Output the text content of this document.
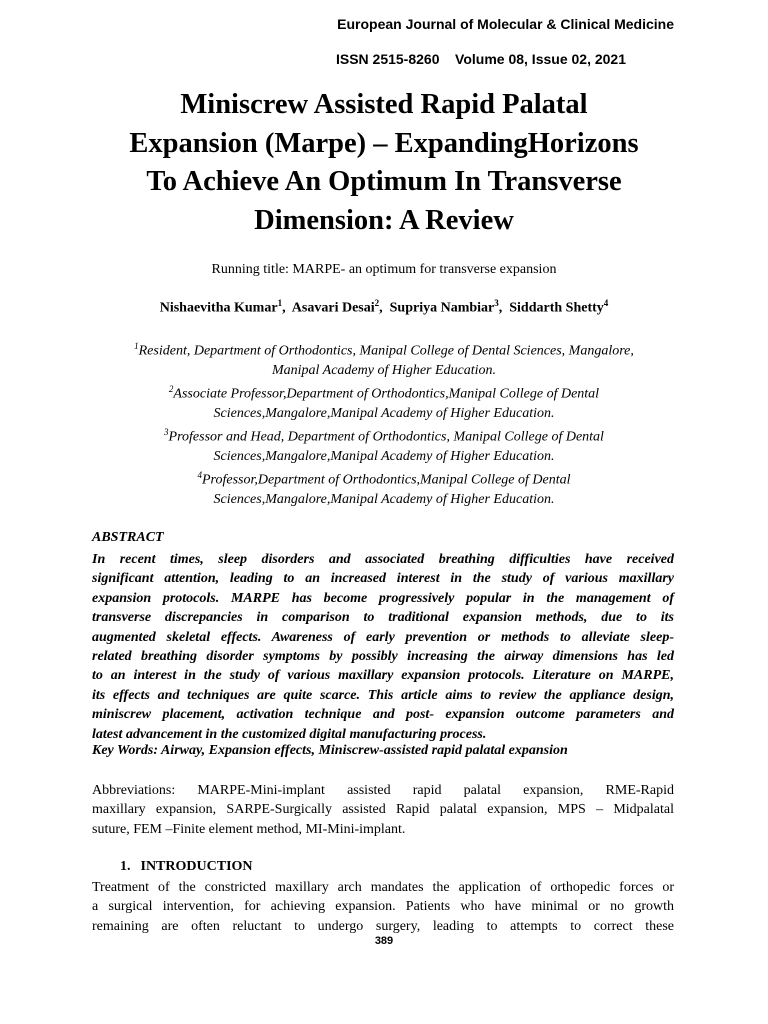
European Journal of Molecular & Clinical Medicine
ISSN 2515-8260    Volume 08, Issue 02, 2021
Miniscrew Assisted Rapid Palatal
Expansion (Marpe) – ExpandingHorizons
To Achieve An Optimum In Transverse
Dimension: A Review
Running title: MARPE- an optimum for transverse expansion
Nishaevitha Kumar$^1$,  Asavari Desai$^2$,  Supriya Nambiar$^3$,  Siddarth Shetty$^4$
$^1$Resident, Department of Orthodontics, Manipal College of Dental Sciences, Mangalore,
Manipal Academy of Higher Education.
$^2$Associate Professor,Department of Orthodontics,Manipal College of Dental
Sciences,Mangalore,Manipal Academy of Higher Education.
$^3$Professor and Head, Department of Orthodontics, Manipal College of Dental
Sciences,Mangalore,Manipal Academy of Higher Education.
$^4$Professor,Department of Orthodontics,Manipal College of Dental
Sciences,Mangalore,Manipal Academy of Higher Education.
ABSTRACT
In recent times, sleep disorders and associated breathing difficulties have received
significant attention, leading to an increased interest in the study of various maxillary
expansion protocols. MARPE has become progressively popular in the management of
transverse discrepancies in comparison to traditional expansion methods, due to its
augmented skeletal effects. Awareness of early prevention or methods to alleviate sleep-
related breathing disorder symptoms by possibly increasing the airway dimensions has led
to an interest in the study of various maxillary expansion protocols. Literature on MARPE,
its effects and techniques are quite scarce. This article aims to review the appliance design,
miniscrew placement, activation technique and post- expansion outcome parameters and
latest advancement in the customized digital manufacturing process.
Key Words: Airway, Expansion effects, Miniscrew-assisted rapid palatal expansion
Abbreviations: MARPE-Mini-implant assisted rapid palatal expansion, RME-Rapid
maxillary expansion, SARPE-Surgically assisted Rapid palatal expansion, MPS – Midpalatal
suture, FEM –Finite element method, MI-Mini-implant.
1. INTRODUCTION
Treatment of the constricted maxillary arch mandates the application of orthopedic forces or
a surgical intervention, for achieving expansion. Patients who have minimal or no growth
remaining are often reluctant to undergo surgery, leading to attempts to correct these
389
